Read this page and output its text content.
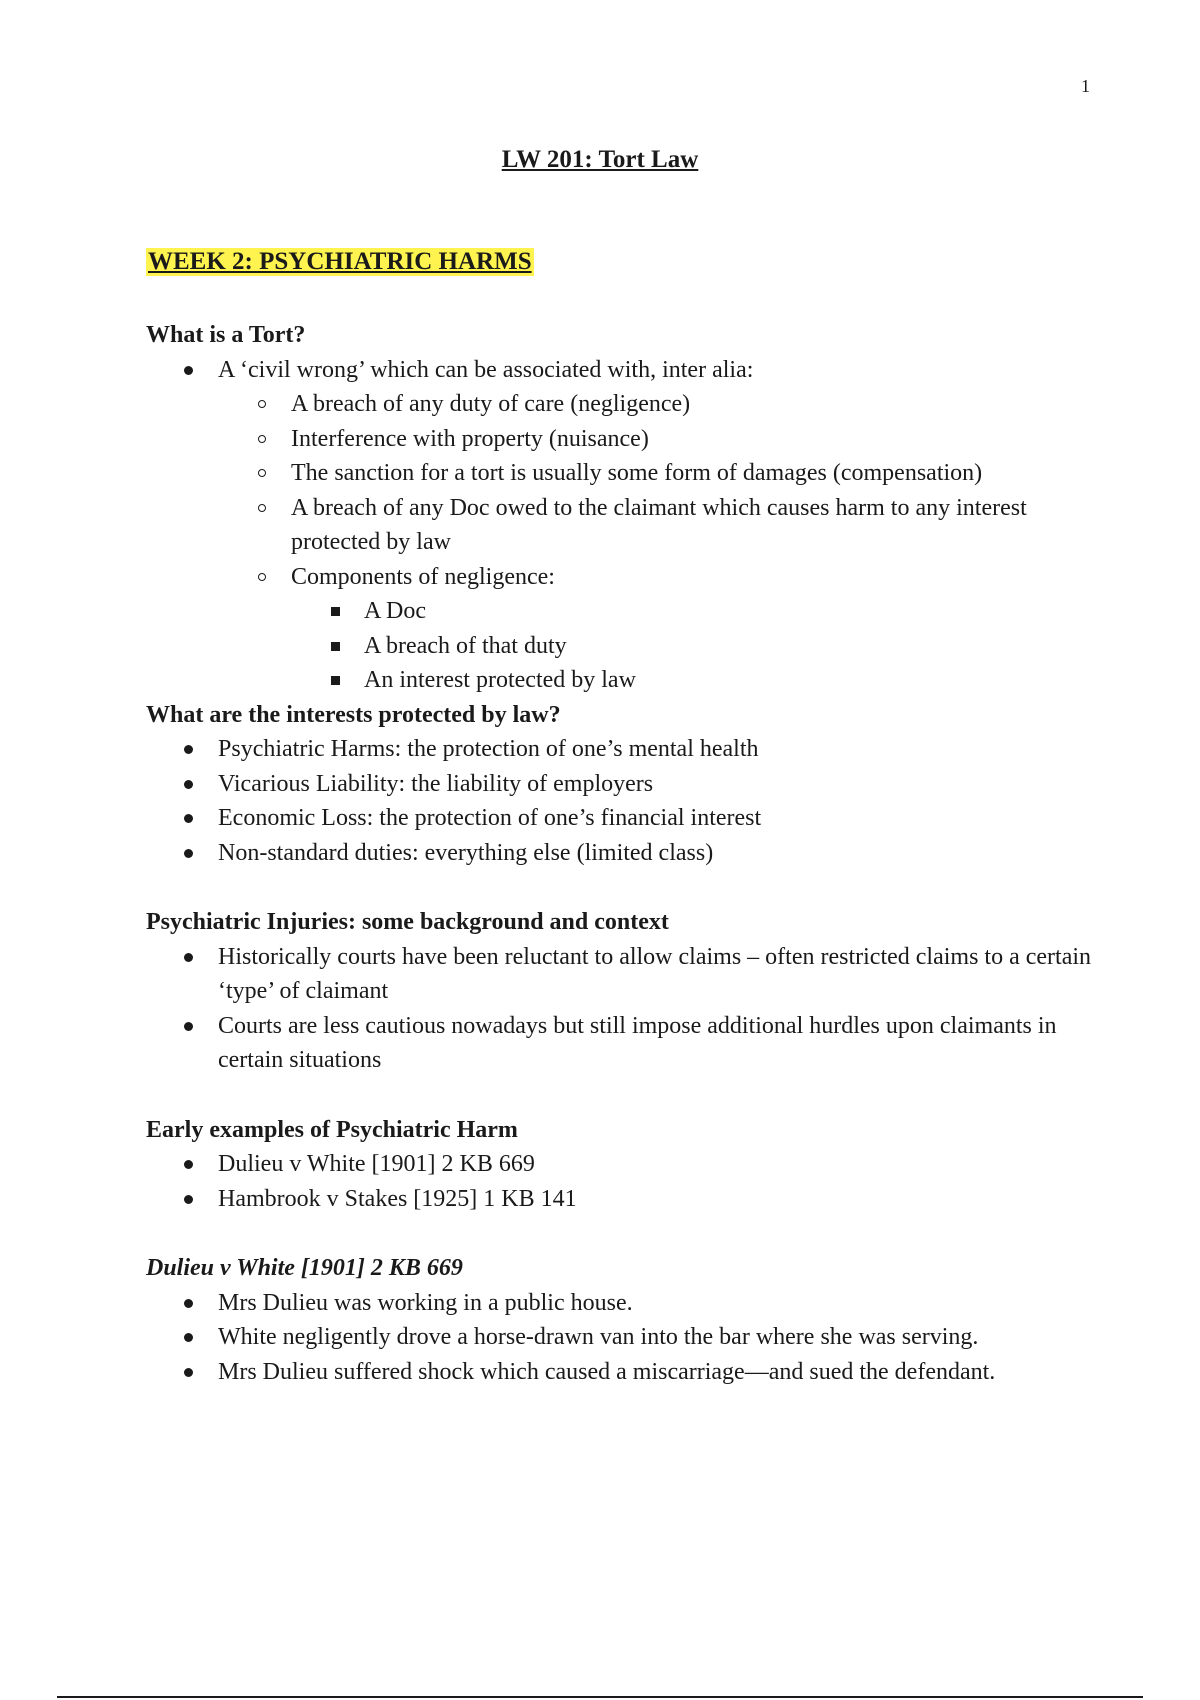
1
LW 201: Tort Law
WEEK 2: PSYCHIATRIC HARMS

What is a Tort?

A ‘civil wrong’ which can be associated with, inter alia:
A breach of any duty of care (negligence)
Interference with property (nuisance)
The sanction for a tort is usually some form of damages (compensation)
A breach of any Doc owed to the claimant which causes harm to any interest protected by law
Components of negligence:
A Doc
A breach of that duty
An interest protected by law

What are the interests protected by law?

Psychiatric Harms: the protection of one’s mental health
Vicarious Liability: the liability of employers
Economic Loss: the protection of one’s financial interest
Non-standard duties: everything else (limited class)

Psychiatric Injuries: some background and context

Historically courts have been reluctant to allow claims – often restricted claims to a certain ‘type’ of claimant
Courts are less cautious nowadays but still impose additional hurdles upon claimants in certain situations

Early examples of Psychiatric Harm

Dulieu v White [1901] 2 KB 669
Hambrook v Stakes [1925] 1 KB 141

Dulieu v White [1901] 2 KB 669

Mrs Dulieu was working in a public house.
White negligently drove a horse-drawn van into the bar where she was serving.
Mrs Dulieu suffered shock which caused a miscarriage—and sued the defendant.
